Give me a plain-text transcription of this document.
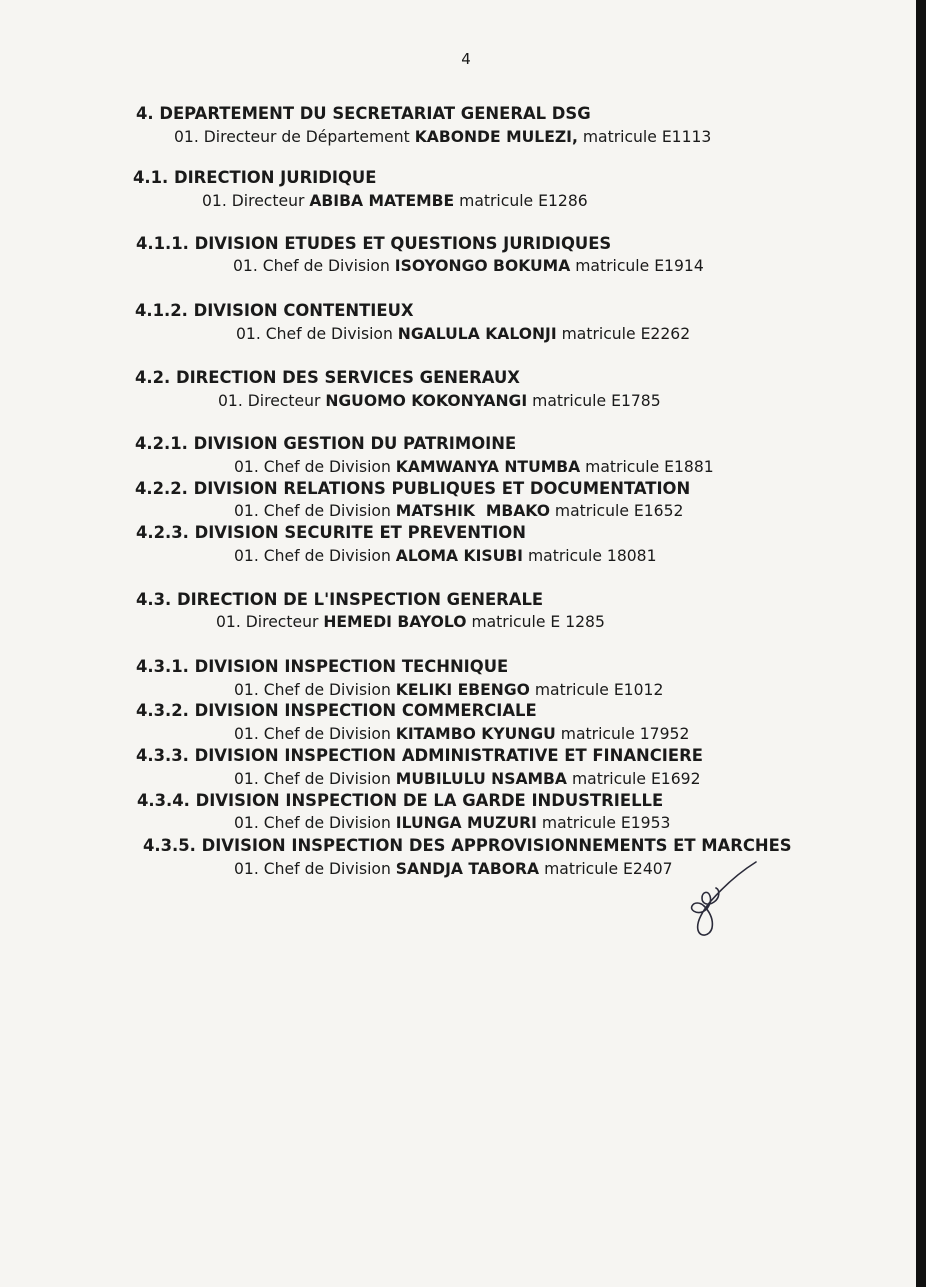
4
4. DEPARTEMENT DU SECRETARIAT GENERAL DSG
01. Directeur de Département KABONDE MULEZI, matricule E1113
4.1. DIRECTION JURIDIQUE
01. Directeur ABIBA MATEMBE matricule E1286
4.1.1. DIVISION ETUDES ET QUESTIONS JURIDIQUES
01. Chef de Division ISOYONGO BOKUMA matricule E1914
4.1.2. DIVISION CONTENTIEUX
01. Chef de Division NGALULA KALONJI matricule E2262
4.2. DIRECTION DES SERVICES GENERAUX
01. Directeur NGUOMO KOKONYANGI matricule E1785
4.2.1. DIVISION GESTION DU PATRIMOINE
01. Chef de Division KAMWANYA NTUMBA matricule E1881
4.2.2. DIVISION RELATIONS PUBLIQUES ET DOCUMENTATION
01. Chef de Division MATSHIK  MBAKO matricule E1652
4.2.3. DIVISION SECURITE ET PREVENTION
01. Chef de Division ALOMA KISUBI matricule 18081
4.3. DIRECTION DE L'INSPECTION GENERALE
01. Directeur HEMEDI BAYOLO matricule E 1285
4.3.1. DIVISION INSPECTION TECHNIQUE
01. Chef de Division KELIKI EBENGO matricule E1012
4.3.2. DIVISION INSPECTION COMMERCIALE
01. Chef de Division KITAMBO KYUNGU matricule 17952
4.3.3. DIVISION INSPECTION ADMINISTRATIVE ET FINANCIERE
01. Chef de Division MUBILULU NSAMBA matricule E1692
4.3.4. DIVISION INSPECTION DE LA GARDE INDUSTRIELLE
01. Chef de Division ILUNGA MUZURI matricule E1953
4.3.5. DIVISION INSPECTION DES APPROVISIONNEMENTS ET MARCHES
01. Chef de Division SANDJA TABORA matricule E2407
